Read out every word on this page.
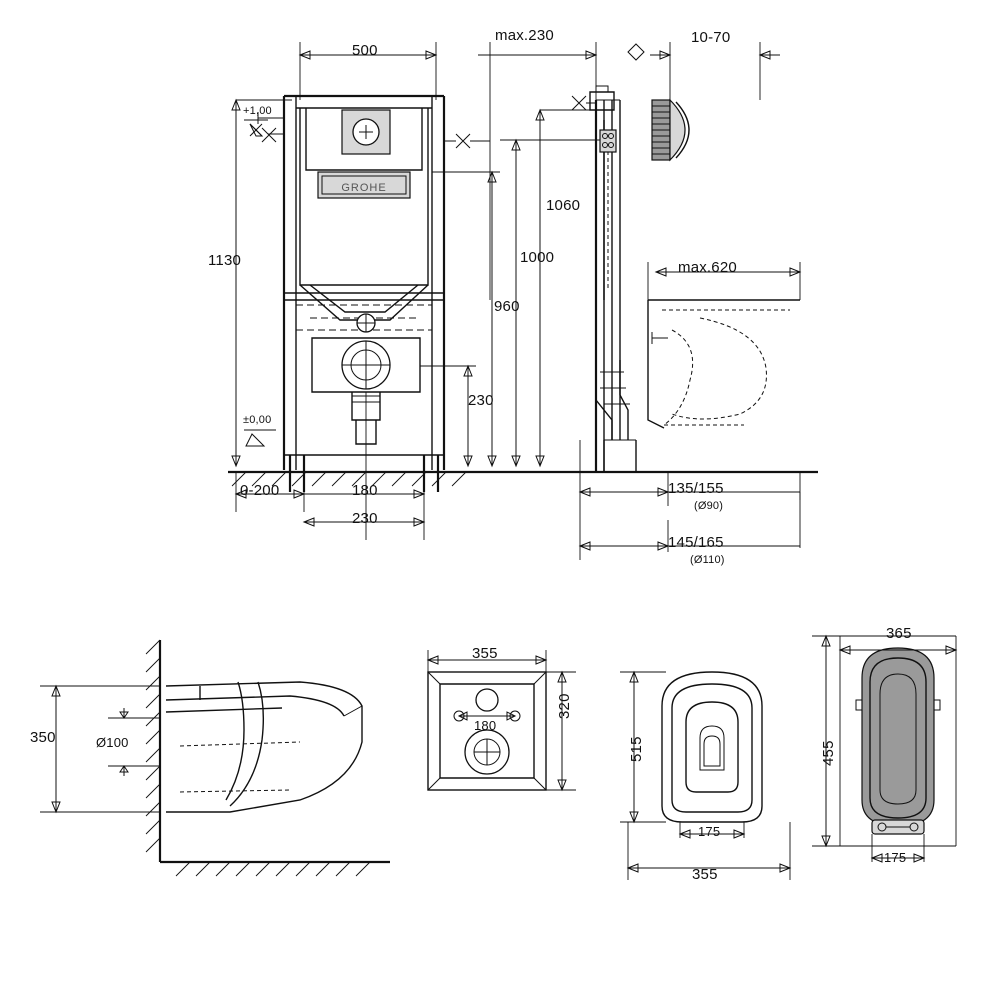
GROHE
500
max.230	10-70
+1,00
±0,00
1130
1060
1000
960
230
0-200	180
230
max.620
135/155
(Ø90)
145/165
(Ø110)
350	Ø100
355
320
180
515
175
355
365
455
175
